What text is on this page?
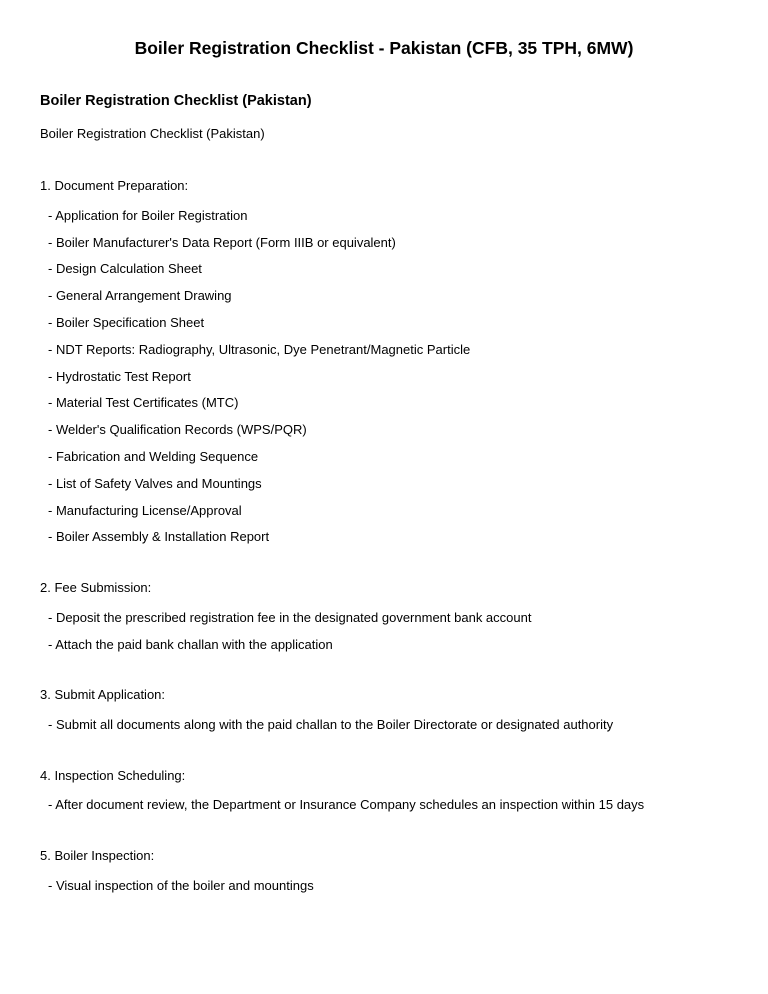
Boiler Registration Checklist - Pakistan (CFB, 35 TPH, 6MW)
Boiler Registration Checklist (Pakistan)
Boiler Registration Checklist (Pakistan)
1. Document Preparation:
- Application for Boiler Registration
- Boiler Manufacturer's Data Report (Form IIIB or equivalent)
- Design Calculation Sheet
- General Arrangement Drawing
- Boiler Specification Sheet
- NDT Reports: Radiography, Ultrasonic, Dye Penetrant/Magnetic Particle
- Hydrostatic Test Report
- Material Test Certificates (MTC)
- Welder's Qualification Records (WPS/PQR)
- Fabrication and Welding Sequence
- List of Safety Valves and Mountings
- Manufacturing License/Approval
- Boiler Assembly & Installation Report
2. Fee Submission:
- Deposit the prescribed registration fee in the designated government bank account
- Attach the paid bank challan with the application
3. Submit Application:
- Submit all documents along with the paid challan to the Boiler Directorate or designated authority
4. Inspection Scheduling:
- After document review, the Department or Insurance Company schedules an inspection within 15 days
5. Boiler Inspection:
- Visual inspection of the boiler and mountings
